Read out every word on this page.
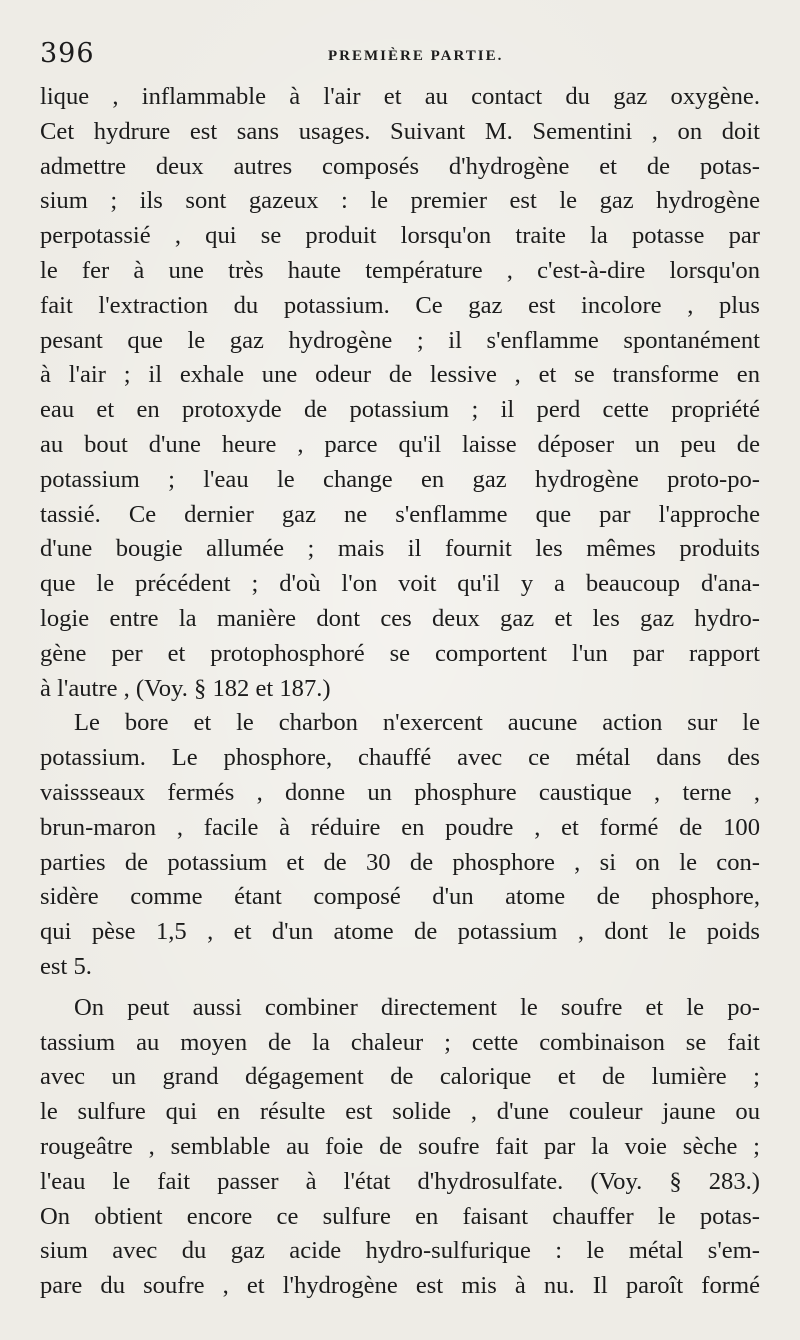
396	PREMIÈRE PARTIE.
lique , inflammable à l'air et au contact du gaz oxygène.
Cet hydrure est sans usages. Suivant M. Sementini , on doit
admettre deux autres composés d'hydrogène et de potas-
sium ; ils sont gazeux : le premier est le gaz hydrogène
perpotassié , qui se produit lorsqu'on traite la potasse par
le fer à une très haute température , c'est-à-dire lorsqu'on
fait l'extraction du potassium. Ce gaz est incolore , plus
pesant que le gaz hydrogène ; il s'enflamme spontanément
à l'air ; il exhale une odeur de lessive , et se transforme en
eau et en protoxyde de potassium ; il perd cette propriété
au bout d'une heure , parce qu'il laisse déposer un peu de
potassium ; l'eau le change en gaz hydrogène proto-po-
tassié. Ce dernier gaz ne s'enflamme que par l'approche
d'une bougie allumée ; mais il fournit les mêmes produits
que le précédent ; d'où l'on voit qu'il y a beaucoup d'ana-
logie entre la manière dont ces deux gaz et les gaz hydro-
gène per et protophosphoré se comportent l'un par rapport
à l'autre , (Voy. § 182 et 187.)
Le bore et le charbon n'exercent aucune action sur le
potassium. Le phosphore, chauffé avec ce métal dans des
vaissseaux fermés , donne un phosphure caustique , terne ,
brun-maron , facile à réduire en poudre , et formé de 100
parties de potassium et de 30 de phosphore , si on le con-
sidère comme étant composé d'un atome de phosphore,
qui pèse 1,5 , et d'un atome de potassium , dont le poids
est 5.
On peut aussi combiner directement le soufre et le po-
tassium au moyen de la chaleur ; cette combinaison se fait
avec un grand dégagement de calorique et de lumière ;
le sulfure qui en résulte est solide , d'une couleur jaune ou
rougeâtre , semblable au foie de soufre fait par la voie sèche ;
l'eau le fait passer à l'état d'hydrosulfate. (Voy. § 283.)
On obtient encore ce sulfure en faisant chauffer le potas-
sium avec du gaz acide hydro-sulfurique : le métal s'em-
pare du soufre , et l'hydrogène est mis à nu. Il paroît formé
